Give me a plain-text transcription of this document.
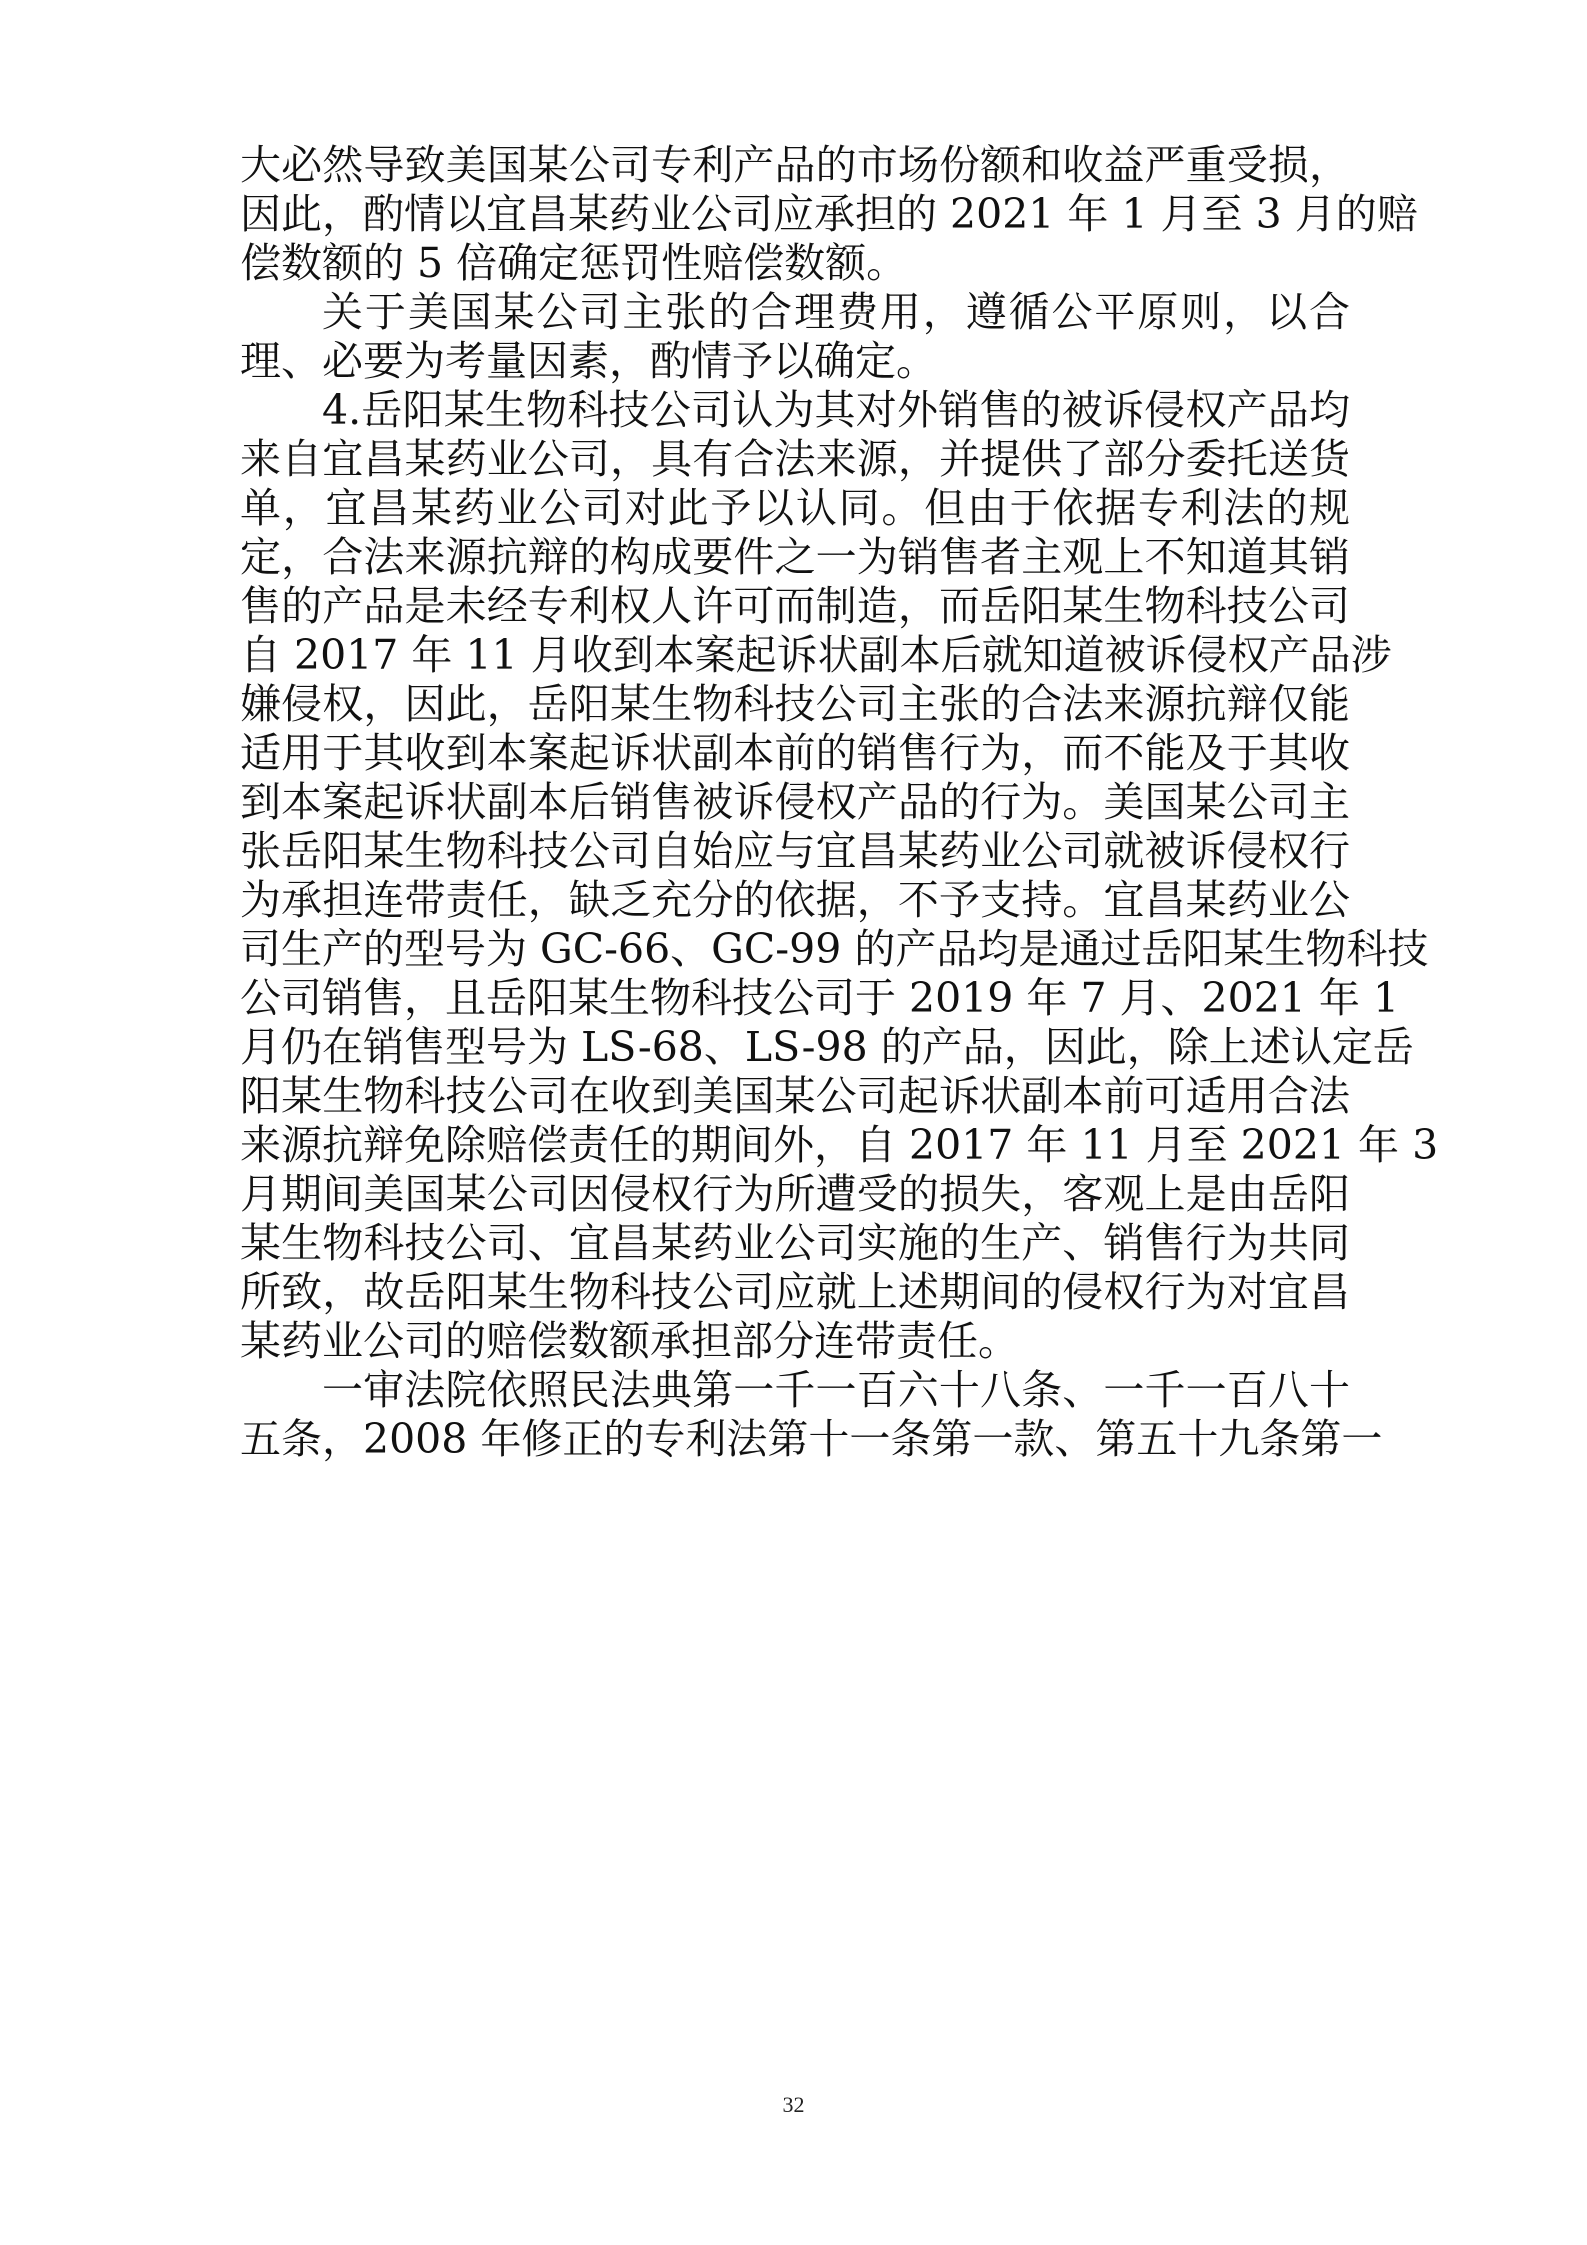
大必然导致美国某公司专利产品的市场份额和收益严重受损，
因此，酌情以宜昌某药业公司应承担的 2021 年 1 月至 3 月的赔
偿数额的 5 倍确定惩罚性赔偿数额。
关于美国某公司主张的合理费用，遵循公平原则，以合
理、必要为考量因素，酌情予以确定。
4.岳阳某生物科技公司认为其对外销售的被诉侵权产品均
来自宜昌某药业公司，具有合法来源，并提供了部分委托送货
单，宜昌某药业公司对此予以认同。但由于依据专利法的规
定，合法来源抗辩的构成要件之一为销售者主观上不知道其销
售的产品是未经专利权人许可而制造，而岳阳某生物科技公司
自 2017 年 11 月收到本案起诉状副本后就知道被诉侵权产品涉
嫌侵权，因此，岳阳某生物科技公司主张的合法来源抗辩仅能
适用于其收到本案起诉状副本前的销售行为，而不能及于其收
到本案起诉状副本后销售被诉侵权产品的行为。美国某公司主
张岳阳某生物科技公司自始应与宜昌某药业公司就被诉侵权行
为承担连带责任，缺乏充分的依据，不予支持。宜昌某药业公
司生产的型号为 GC-66、GC-99 的产品均是通过岳阳某生物科技
公司销售，且岳阳某生物科技公司于 2019 年 7 月、2021 年 1
月仍在销售型号为 LS-68、LS-98 的产品，因此，除上述认定岳
阳某生物科技公司在收到美国某公司起诉状副本前可适用合法
来源抗辩免除赔偿责任的期间外，自 2017 年 11 月至 2021 年 3
月期间美国某公司因侵权行为所遭受的损失，客观上是由岳阳
某生物科技公司、宜昌某药业公司实施的生产、销售行为共同
所致，故岳阳某生物科技公司应就上述期间的侵权行为对宜昌
某药业公司的赔偿数额承担部分连带责任。
一审法院依照民法典第一千一百六十八条、一千一百八十
五条，2008 年修正的专利法第十一条第一款、第五十九条第一
32
